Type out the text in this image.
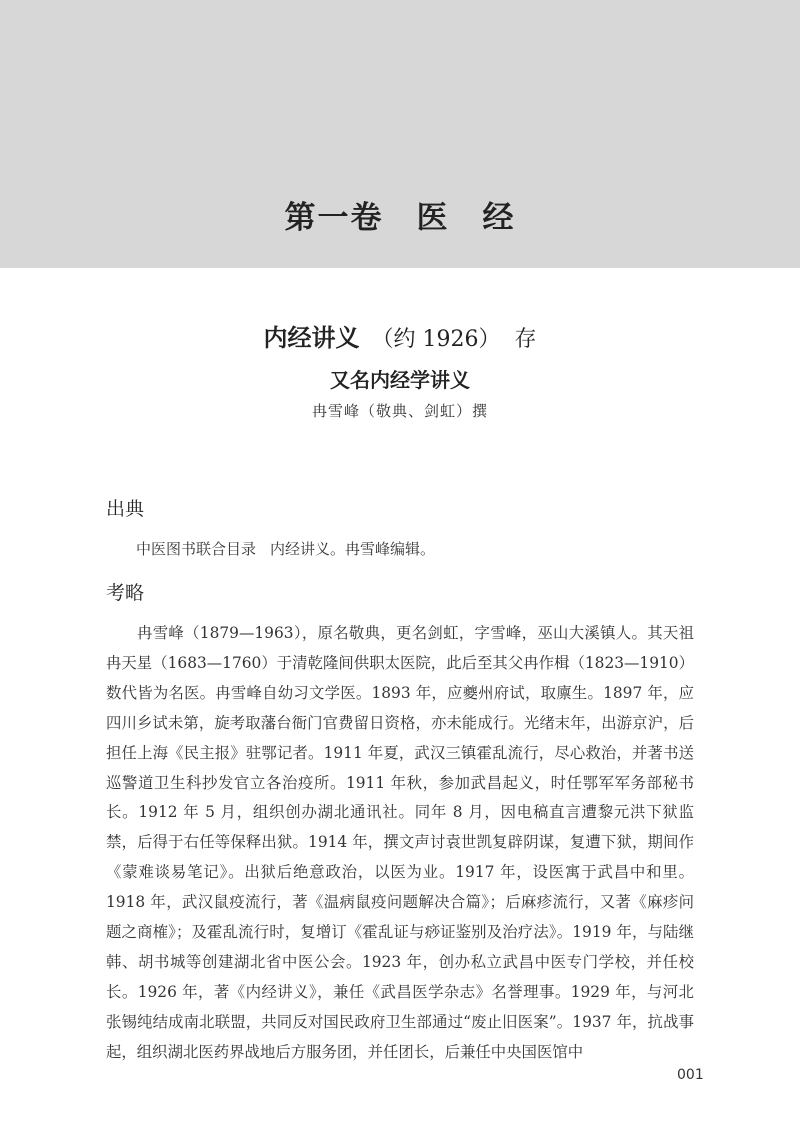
第一卷　医　经
内经讲义 （约 1926） 存
又名内经学讲义
冉雪峰（敬典、剑虹）撰
出典
中医图书联合目录 内经讲义。冉雪峰编辑。
考略

冉雪峰（1879—1963），原名敬典，更名剑虹，字雪峰，巫山大溪镇人。其天祖冉天星（1683—1760）于清乾隆间供职太医院，此后至其父冉作楫（1823—1910）数代皆为名医。冉雪峰自幼习文学医。1893 年，应夔州府试，取廪生。1897 年，应四川乡试未第，旋考取藩台衙门官费留日资格，亦未能成行。光绪末年，出游京沪，后担任上海《民主报》驻鄂记者。1911 年夏，武汉三镇霍乱流行，尽心救治，并著书送巡警道卫生科抄发官立各治疫所。1911 年秋，参加武昌起义，时任鄂军军务部秘书长。1912 年 5 月，组织创办湖北通讯社。同年 8 月，因电稿直言遭黎元洪下狱监禁，后得于右任等保释出狱。1914 年，撰文声讨袁世凯复辟阴谋，复遭下狱，期间作《蒙难谈易笔记》。出狱后绝意政治，以医为业。1917 年，设医寓于武昌中和里。1918 年，武汉鼠疫流行，著《温病鼠疫问题解决合篇》；后麻疹流行，又著《麻疹问题之商榷》；及霍乱流行时，复增订《霍乱证与痧证鉴别及治疗法》。1919 年，与陆继韩、胡书城等创建湖北省中医公会。1923 年，创办私立武昌中医专门学校，并任校长。1926 年，著《内经讲义》，兼任《武昌医学杂志》名誉理事。1929 年，与河北张锡纯结成南北联盟，共同反对国民政府卫生部通过“废止旧医案”。1937 年，抗战事起，组织湖北医药界战地后方服务团，并任团长，后兼任中央国医馆中

001
